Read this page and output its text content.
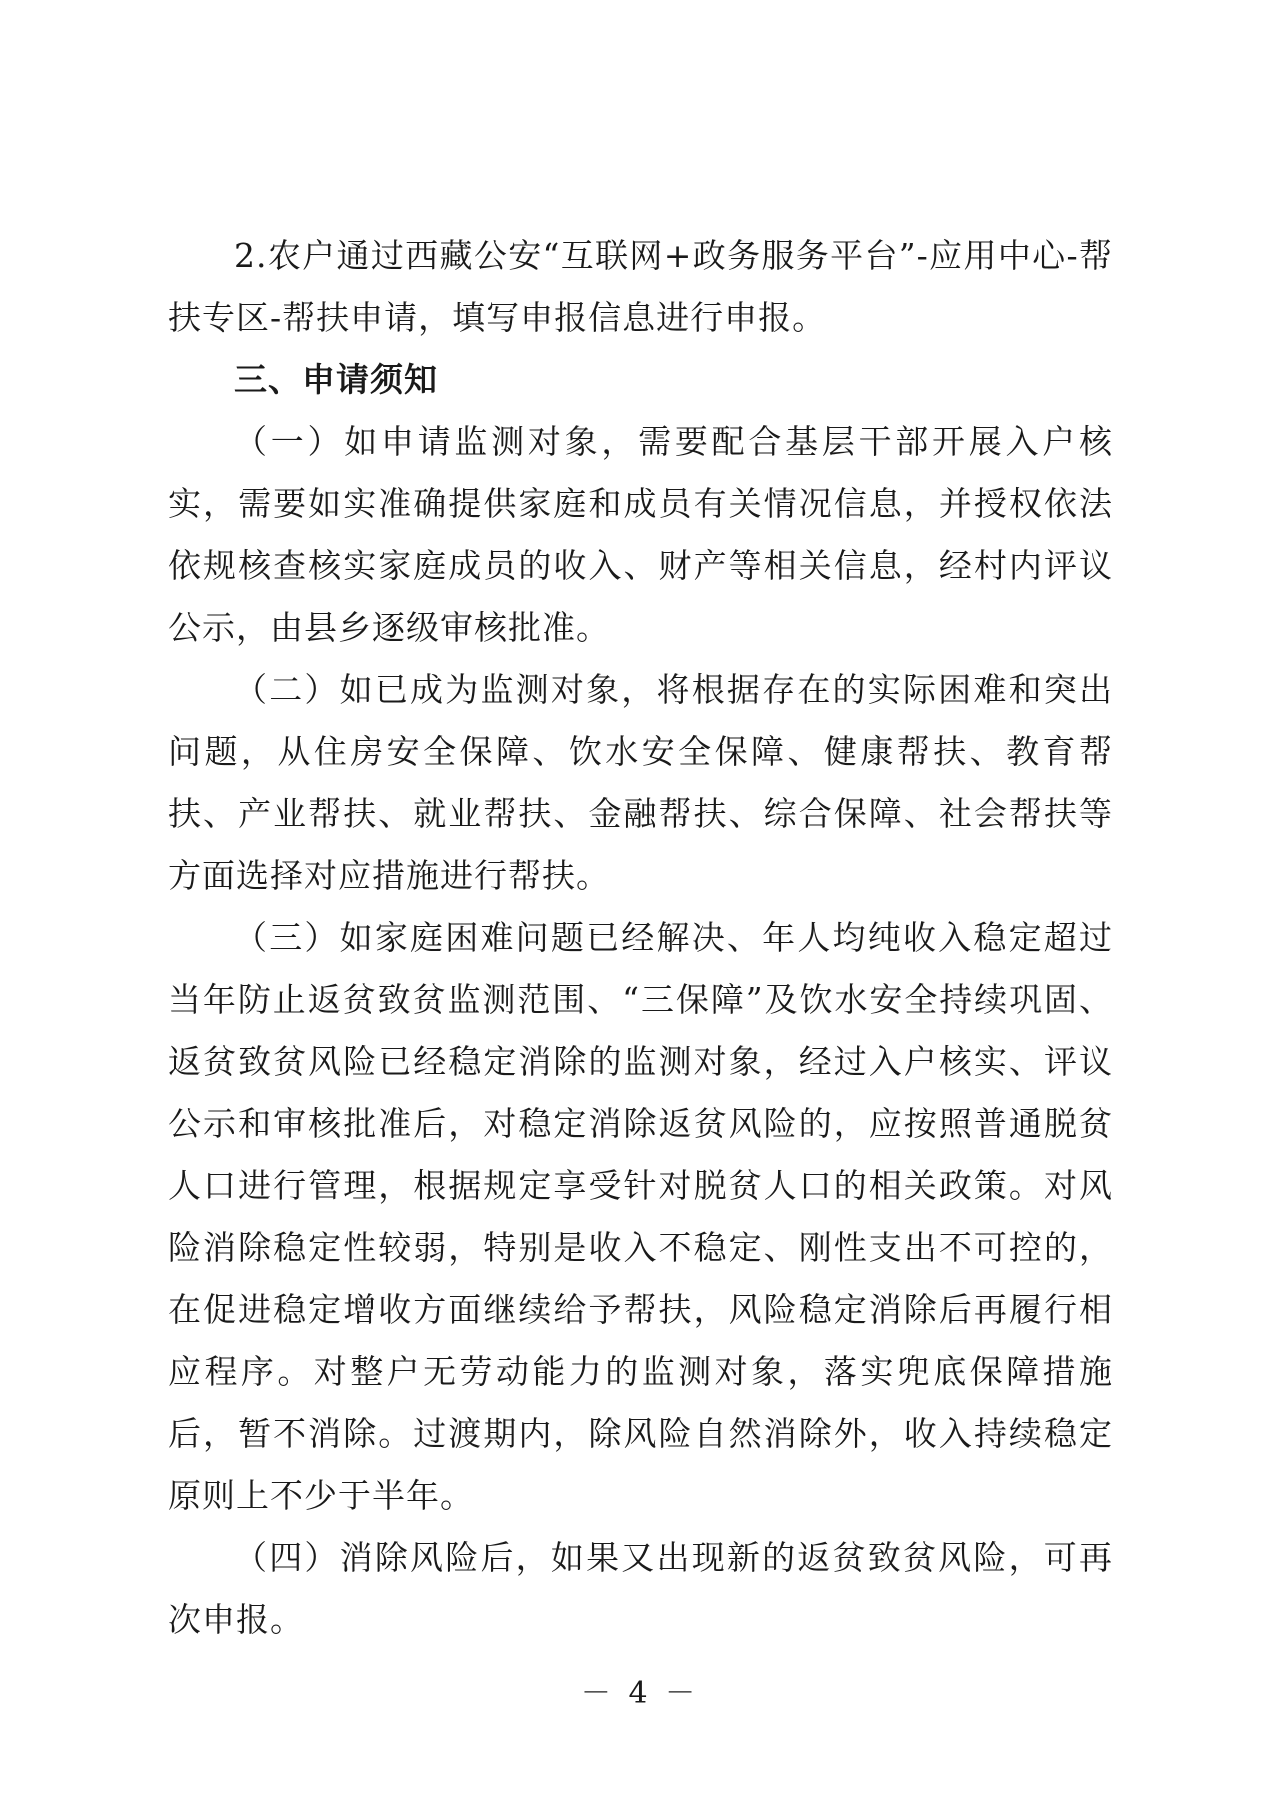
2.农户通过西藏公安“互联网+政务服务平台”-应用中心-帮扶专区-帮扶申请，填写申报信息进行申报。

三、申请须知

（一）如申请监测对象，需要配合基层干部开展入户核实，需要如实准确提供家庭和成员有关情况信息，并授权依法依规核查核实家庭成员的收入、财产等相关信息，经村内评议公示，由县乡逐级审核批准。

（二）如已成为监测对象，将根据存在的实际困难和突出问题，从住房安全保障、饮水安全保障、健康帮扶、教育帮扶、产业帮扶、就业帮扶、金融帮扶、综合保障、社会帮扶等方面选择对应措施进行帮扶。

（三）如家庭困难问题已经解决、年人均纯收入稳定超过当年防止返贫致贫监测范围、“三保障”及饮水安全持续巩固、返贫致贫风险已经稳定消除的监测对象，经过入户核实、评议公示和审核批准后，对稳定消除返贫风险的，应按照普通脱贫人口进行管理，根据规定享受针对脱贫人口的相关政策。对风险消除稳定性较弱，特别是收入不稳定、刚性支出不可控的，在促进稳定增收方面继续给予帮扶，风险稳定消除后再履行相应程序。对整户无劳动能力的监测对象，落实兜底保障措施后，暂不消除。过渡期内，除风险自然消除外，收入持续稳定原则上不少于半年。

（四）消除风险后，如果又出现新的返贫致贫风险，可再次申报。

－ 4 －
